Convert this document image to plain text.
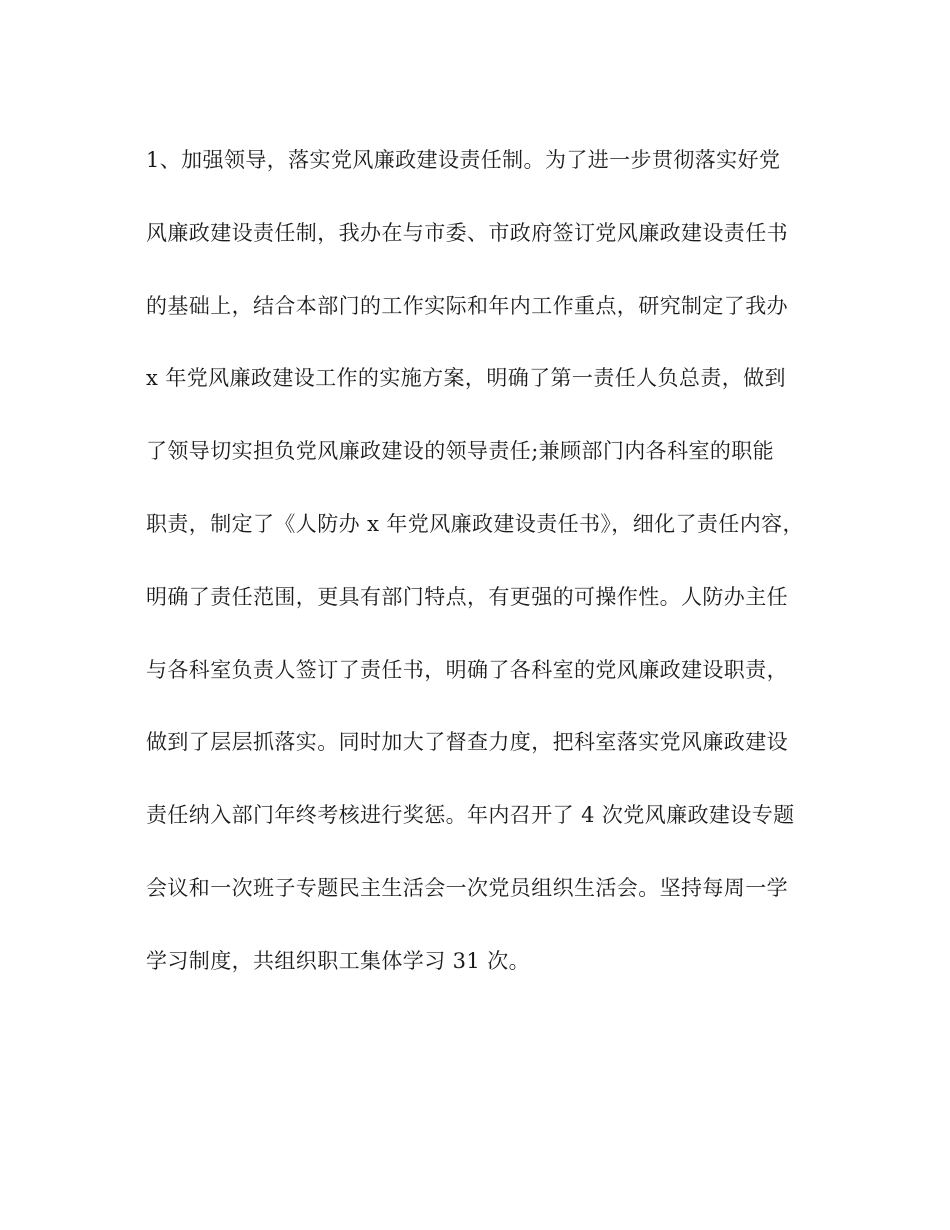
1、加强领导，落实党风廉政建设责任制。为了进一步贯彻落实好党
风廉政建设责任制，我办在与市委、市政府签订党风廉政建设责任书
的基础上，结合本部门的工作实际和年内工作重点，研究制定了我办
x 年党风廉政建设工作的实施方案，明确了第一责任人负总责，做到
了领导切实担负党风廉政建设的领导责任;兼顾部门内各科室的职能
职责，制定了《人防办 x 年党风廉政建设责任书》，细化了责任内容，
明确了责任范围，更具有部门特点，有更强的可操作性。人防办主任
与各科室负责人签订了责任书，明确了各科室的党风廉政建设职责，
做到了层层抓落实。同时加大了督查力度，把科室落实党风廉政建设
责任纳入部门年终考核进行奖惩。年内召开了 4 次党风廉政建设专题
会议和一次班子专题民主生活会一次党员组织生活会。坚持每周一学
学习制度，共组织职工集体学习 31 次。
